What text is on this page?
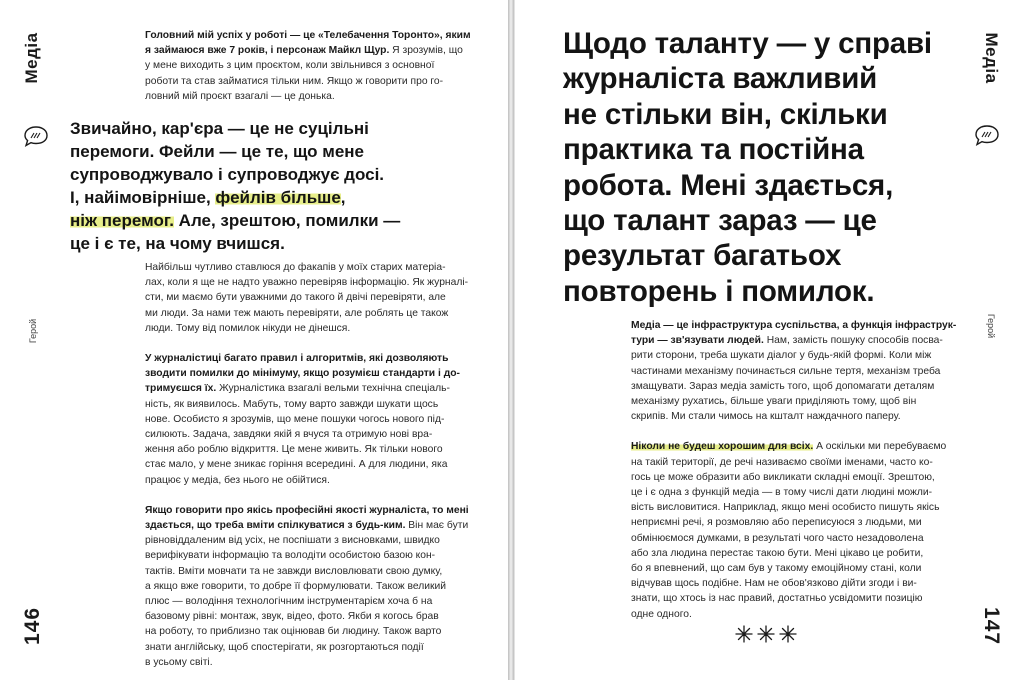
Медіа
Герой
146
Головний мій успіх у роботі — це «Телебачення Торонто», яким
я займаюся вже 7 років, і персонаж Майкл Щур. Я зрозумів, що
у мене виходить з цим проєктом, коли звільнився з основної
роботи та став займатися тільки ним. Якщо ж говорити про го-
ловний мій проєкт взагалі — це донька.
Звичайно, кар'єра — це не суцільні
перемоги. Фейли — це те, що мене
супроводжувало і супроводжує досі.
І, найімовірніше, фейлів більше,
ніж перемог. Але, зрештою, помилки —
це і є те, на чому вчишся.

Найбільш чутливо ставлюся до факапів у моїх старих матеріа-
лах, коли я ще не надто уважно перевіряв інформацію. Як журналі-
сти, ми маємо бути уважними до такого й двічі перевіряти, але
ми люди. За нами теж мають перевіряти, але роблять це також
люди. Тому від помилок нікуди не дінешся.

У журналістиці багато правил і алгоритмів, які дозволяють
зводити помилки до мінімуму, якщо розумієш стандарти і до-
тримуєшся їх. Журналістика взагалі вельми технічна спеціаль-
ність, як виявилось. Мабуть, тому варто завжди шукати щось
нове. Особисто я зрозумів, що мене пошуки чогось нового під-
силюють. Задача, завдяки якій я вчуся та отримую нові вра-
ження або роблю відкриття. Це мене живить. Як тільки нового
стає мало, у мене зникає горіння всередині. А для людини, яка
працює у медіа, без нього не обійтися.

Якщо говорити про якісь професійні якості журналіста, то мені
здається, що треба вміти спілкуватися з будь-ким. Він має бути
рівновіддаленим від усіх, не поспішати з висновками, швидко
верифікувати інформацію та володіти особистою базою кон-
тактів. Вміти мовчати та не завжди висловлювати свою думку,
а якщо вже говорити, то добре її формулювати. Також великий
плюс — володіння технологічним інструментарієм хоча б на
базовому рівні: монтаж, звук, відео, фото. Якби я когось брав
на роботу, то приблизно так оцінював би людину. Також варто
знати англійську, щоб спостерігати, як розгортаються події
в усьому світі.

Медіа
Герой
147
Щодо таланту — у справі
журналіста важливий
не стільки він, скільки
практика та постійна
робота. Мені здається,
що талант зараз — це
результат багатьох
повторень і помилок.

Медіа — це інфраструктура суспільства, а функція інфраструк-
тури — зв'язувати людей. Нам, замість пошуку способів посва-
рити сторони, треба шукати діалог у будь-якій формі. Коли між
частинами механізму починається сильне тертя, механізм треба
змащувати. Зараз медіа замість того, щоб допомагати деталям
механізму рухатись, більше уваги приділяють тому, щоб він
скрипів. Ми стали чимось на кшталт наждачного паперу.

Ніколи не будеш хорошим для всіх. А оскільки ми перебуваємо
на такій території, де речі називаємо своїми іменами, часто ко-
гось це може образити або викликати складні емоції. Зрештою,
це і є одна з функцій медіа — в тому числі дати людині можли-
вість висловитися. Наприклад, якщо мені особисто пишуть якісь
неприємні речі, я розмовляю або переписуюся з людьми, ми
обмінюємося думками, в результаті чого часто незадоволена
або зла людина перестає такою бути. Мені цікаво це робити,
бо я впевнений, що сам був у такому емоційному стані, коли
відчував щось подібне. Нам не обов'язково дійти згоди і ви-
знати, що хтось із нас правий, достатньо усвідомити позицію
одне одного.
